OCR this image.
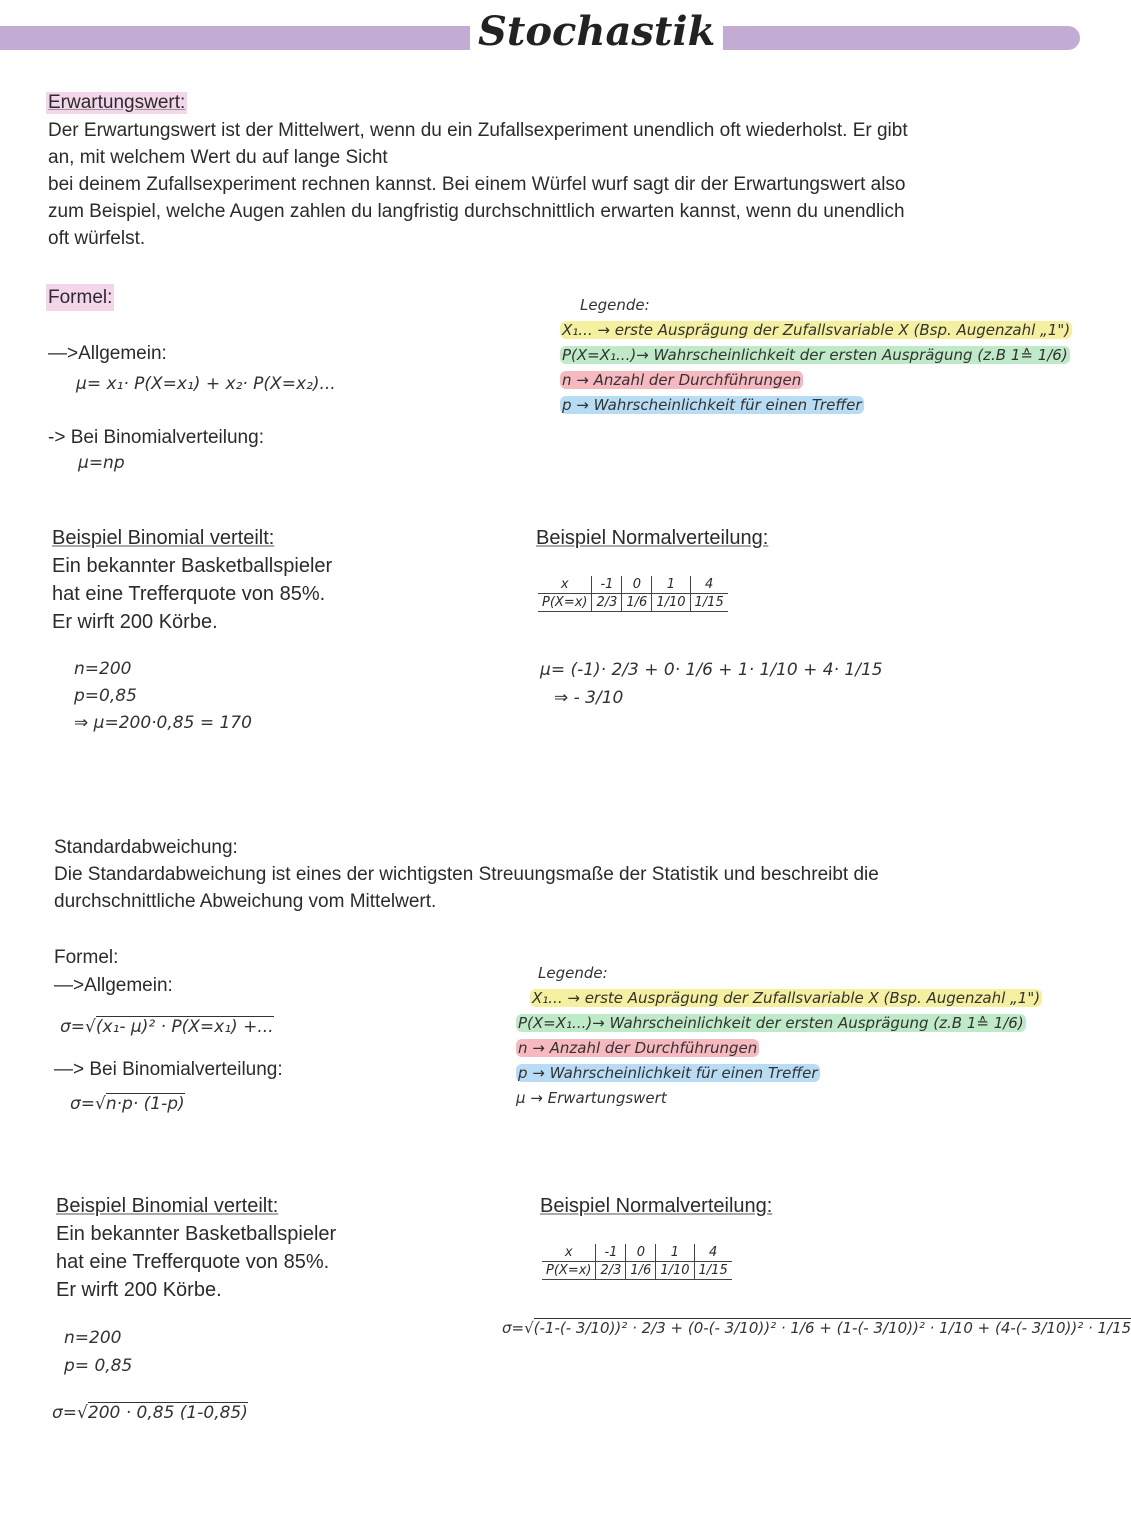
Stochastik
Erwartungswert:
Der Erwartungswert ist der Mittelwert, wenn du ein Zufallsexperiment unendlich oft wiederholst. Er gibt
an, mit welchem Wert du auf lange Sicht
bei deinem Zufallsexperiment rechnen kannst. Bei einem Würfel wurf sagt dir der Erwartungswert also
zum Beispiel, welche Augen zahlen du langfristig durchschnittlich erwarten kannst, wenn du unendlich
oft würfelst.
Formel:
—>Allgemein:
μ= x₁· P(X=x₁) + x₂· P(X=x₂)...
-> Bei Binomialverteilung:
μ=np
Legende:
X₁... → erste Ausprägung der Zufallsvariable X (Bsp. Augenzahl „1")
P(X=X₁...)→ Wahrscheinlichkeit der ersten Ausprägung (z.B 1≙ 1/6)
n → Anzahl der Durchführungen
p → Wahrscheinlichkeit für einen Treffer
Beispiel Binomial verteilt:
Ein bekannter Basketballspieler
hat eine Trefferquote von 85%.
Er wirft 200 Körbe.
n=200
p=0,85
⇒ μ=200·0,85 = 170
Beispiel Normalverteilung:
x	-1	0	1	4
P(X=x)	2/3	1/6	1/10	1/15
μ= (-1)· 2/3 + 0· 1/6 + 1· 1/10 + 4· 1/15
⇒ - 3/10
Standardabweichung:
Die Standardabweichung ist eines der wichtigsten Streuungsmaße der Statistik und beschreibt die
durchschnittliche Abweichung vom Mittelwert.
Formel:
—>Allgemein:
σ=√(x₁- μ)² · P(X=x₁) +...
—> Bei Binomialverteilung:
σ=√n·p· (1-p)
Legende:
X₁... → erste Ausprägung der Zufallsvariable X (Bsp. Augenzahl „1")
P(X=X₁...)→ Wahrscheinlichkeit der ersten Ausprägung (z.B 1≙ 1/6)
n → Anzahl der Durchführungen
p → Wahrscheinlichkeit für einen Treffer
μ → Erwartungswert
Beispiel Binomial verteilt:
Ein bekannter Basketballspieler
hat eine Trefferquote von 85%.
Er wirft 200 Körbe.
n=200
p= 0,85
σ=√200 · 0,85 (1-0,85)
Beispiel Normalverteilung:
x	-1	0	1	4
P(X=x)	2/3	1/6	1/10	1/15
σ=√(-1-(- 3/10))² · 2/3 + (0-(- 3/10))² · 1/6 + (1-(- 3/10))² · 1/10 + (4-(- 3/10))² · 1/15
